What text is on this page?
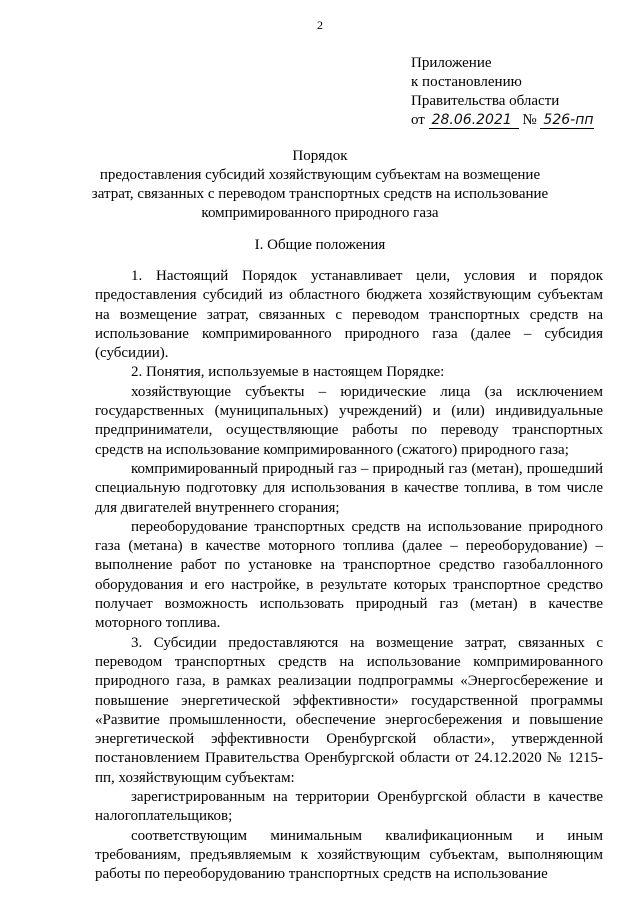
2
Приложение
к постановлению
Правительства области
от 28.06.2021 № 526-пп
Порядок
предоставления субсидий хозяйствующим субъектам на возмещение
затрат, связанных с переводом транспортных средств на использование
компримированного природного газа
I. Общие положения

1. Настоящий Порядок устанавливает цели, условия и порядок предоставления субсидий из областного бюджета хозяйствующим субъектам на возмещение затрат, связанных с переводом транспортных средств на использование компримированного природного газа (далее – субсидия (субсидии).

2. Понятия, используемые в настоящем Порядке:

хозяйствующие субъекты – юридические лица (за исключением государственных (муниципальных) учреждений) и (или) индивидуальные предприниматели, осуществляющие работы по переводу транспортных средств на использование компримированного (сжатого) природного газа;

компримированный природный газ – природный газ (метан), прошедший специальную подготовку для использования в качестве топлива, в том числе для двигателей внутреннего сгорания;

переоборудование транспортных средств на использование природного газа (метана) в качестве моторного топлива (далее – переоборудование) – выполнение работ по установке на транспортное средство газобаллонного оборудования и его настройке, в результате которых транспортное средство получает возможность использовать природный газ (метан) в качестве моторного топлива.

3. Субсидии предоставляются на возмещение затрат, связанных с переводом транспортных средств на использование компримированного природного газа, в рамках реализации подпрограммы «Энергосбережение и повышение энергетической эффективности» государственной программы «Развитие промышленности, обеспечение энергосбережения и повышение энергетической эффективности Оренбургской области», утвержденной постановлением Правительства Оренбургской области от 24.12.2020 № 1215-пп, хозяйствующим субъектам:

зарегистрированным на территории Оренбургской области в качестве налогоплательщиков;

соответствующим минимальным квалификационным и иным требованиям, предъявляемым к хозяйствующим субъектам, выполняющим работы по переоборудованию транспортных средств на использование
